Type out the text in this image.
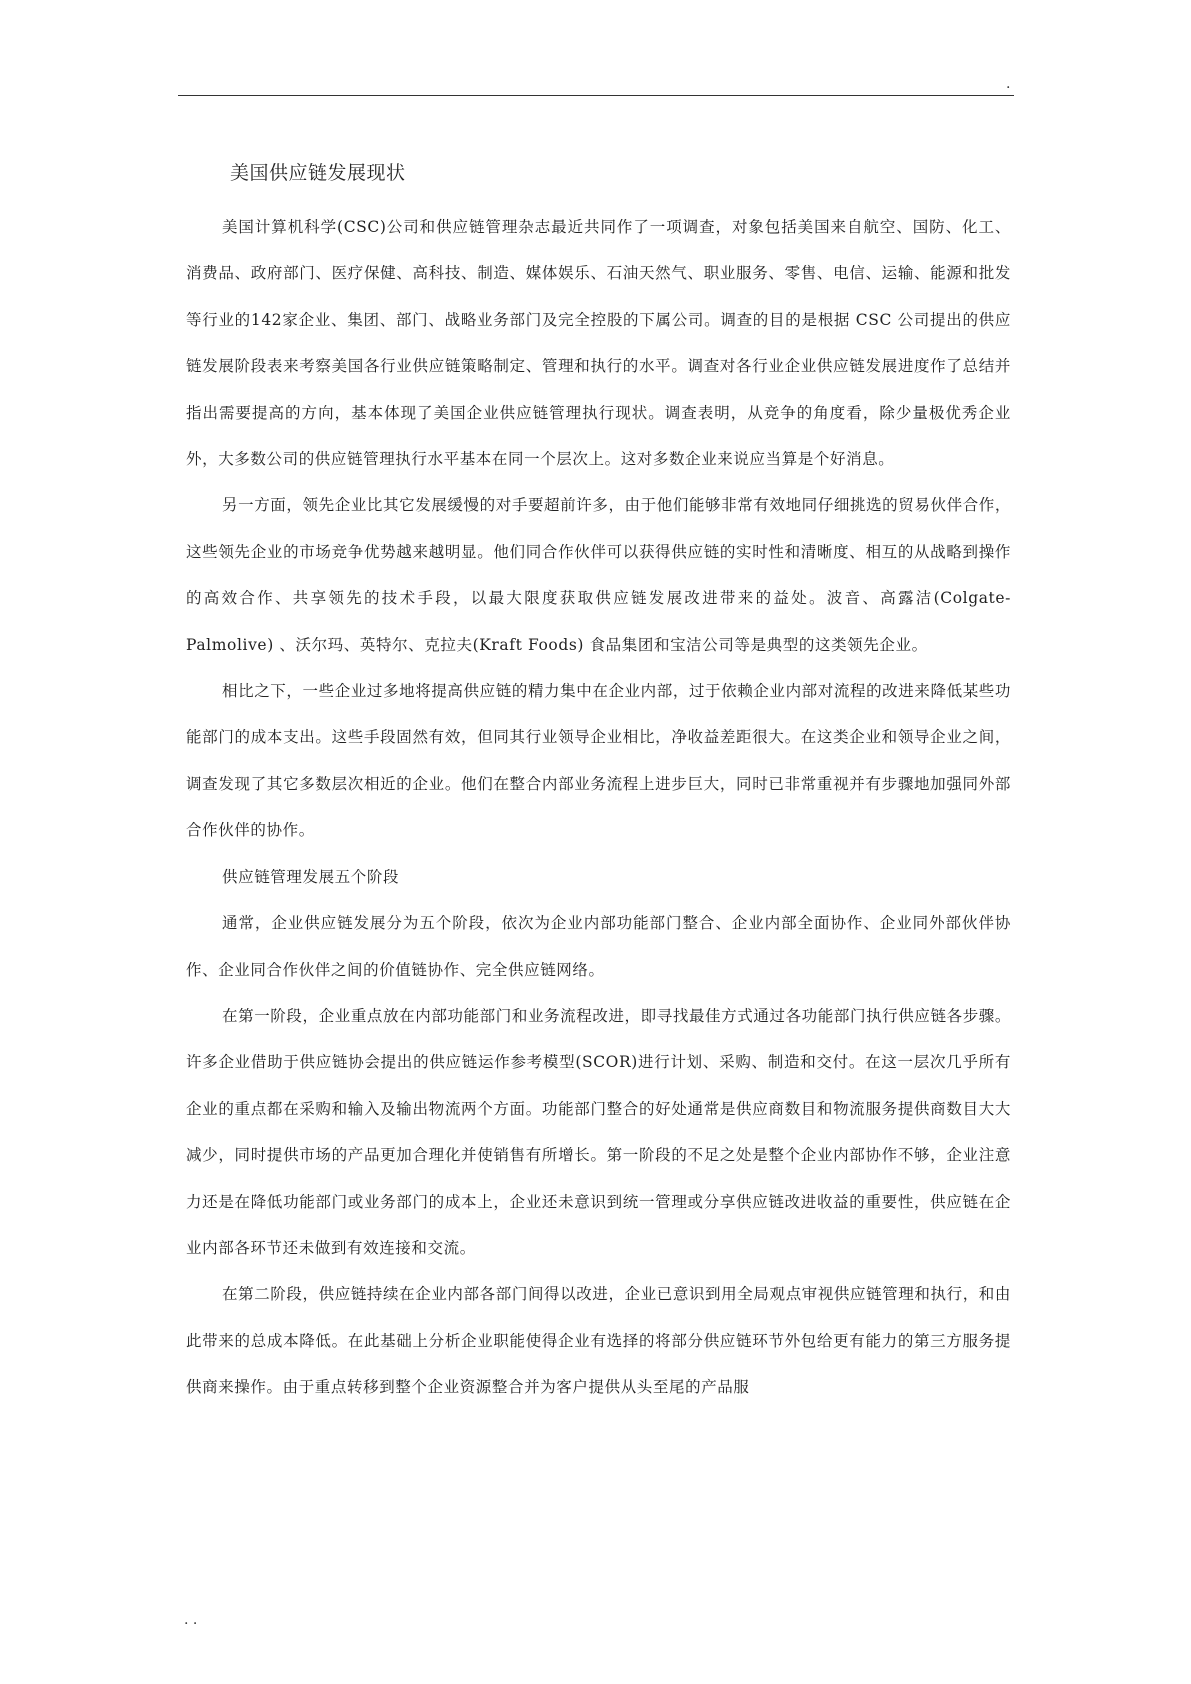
.
美国供应链发展现状

美国计算机科学(CSC)公司和供应链管理杂志最近共同作了一项调查，对象包括美国来自航空、国防、化工、消费品、政府部门、医疗保健、高科技、制造、媒体娱乐、石油天然气、职业服务、零售、电信、运输、能源和批发等行业的142家企业、集团、部门、战略业务部门及完全控股的下属公司。调查的目的是根据 CSC 公司提出的供应链发展阶段表来考察美国各行业供应链策略制定、管理和执行的水平。调查对各行业企业供应链发展进度作了总结并指出需要提高的方向，基本体现了美国企业供应链管理执行现状。调查表明，从竞争的角度看，除少量极优秀企业外，大多数公司的供应链管理执行水平基本在同一个层次上。这对多数企业来说应当算是个好消息。

另一方面，领先企业比其它发展缓慢的对手要超前许多，由于他们能够非常有效地同仔细挑选的贸易伙伴合作，这些领先企业的市场竞争优势越来越明显。他们同合作伙伴可以获得供应链的实时性和清晰度、相互的从战略到操作的高效合作、共享领先的技术手段，以最大限度获取供应链发展改进带来的益处。波音、高露洁(Colgate-Palmolive) 、沃尔玛、英特尔、克拉夫(Kraft Foods) 食品集团和宝洁公司等是典型的这类领先企业。

相比之下，一些企业过多地将提高供应链的精力集中在企业内部，过于依赖企业内部对流程的改进来降低某些功能部门的成本支出。这些手段固然有效，但同其行业领导企业相比，净收益差距很大。在这类企业和领导企业之间，调查发现了其它多数层次相近的企业。他们在整合内部业务流程上进步巨大，同时已非常重视并有步骤地加强同外部合作伙伴的协作。

供应链管理发展五个阶段

通常，企业供应链发展分为五个阶段，依次为企业内部功能部门整合、企业内部全面协作、企业同外部伙伴协作、企业同合作伙伴之间的价值链协作、完全供应链网络。

在第一阶段，企业重点放在内部功能部门和业务流程改进，即寻找最佳方式通过各功能部门执行供应链各步骤。许多企业借助于供应链协会提出的供应链运作参考模型(SCOR)进行计划、采购、制造和交付。在这一层次几乎所有企业的重点都在采购和输入及输出物流两个方面。功能部门整合的好处通常是供应商数目和物流服务提供商数目大大减少，同时提供市场的产品更加合理化并使销售有所增长。第一阶段的不足之处是整个企业内部协作不够，企业注意力还是在降低功能部门或业务部门的成本上，企业还未意识到统一管理或分享供应链改进收益的重要性，供应链在企业内部各环节还未做到有效连接和交流。

在第二阶段，供应链持续在企业内部各部门间得以改进，企业已意识到用全局观点审视供应链管理和执行，和由此带来的总成本降低。在此基础上分析企业职能使得企业有选择的将部分供应链环节外包给更有能力的第三方服务提供商来操作。由于重点转移到整个企业资源整合并为客户提供从头至尾的产品服

. .
